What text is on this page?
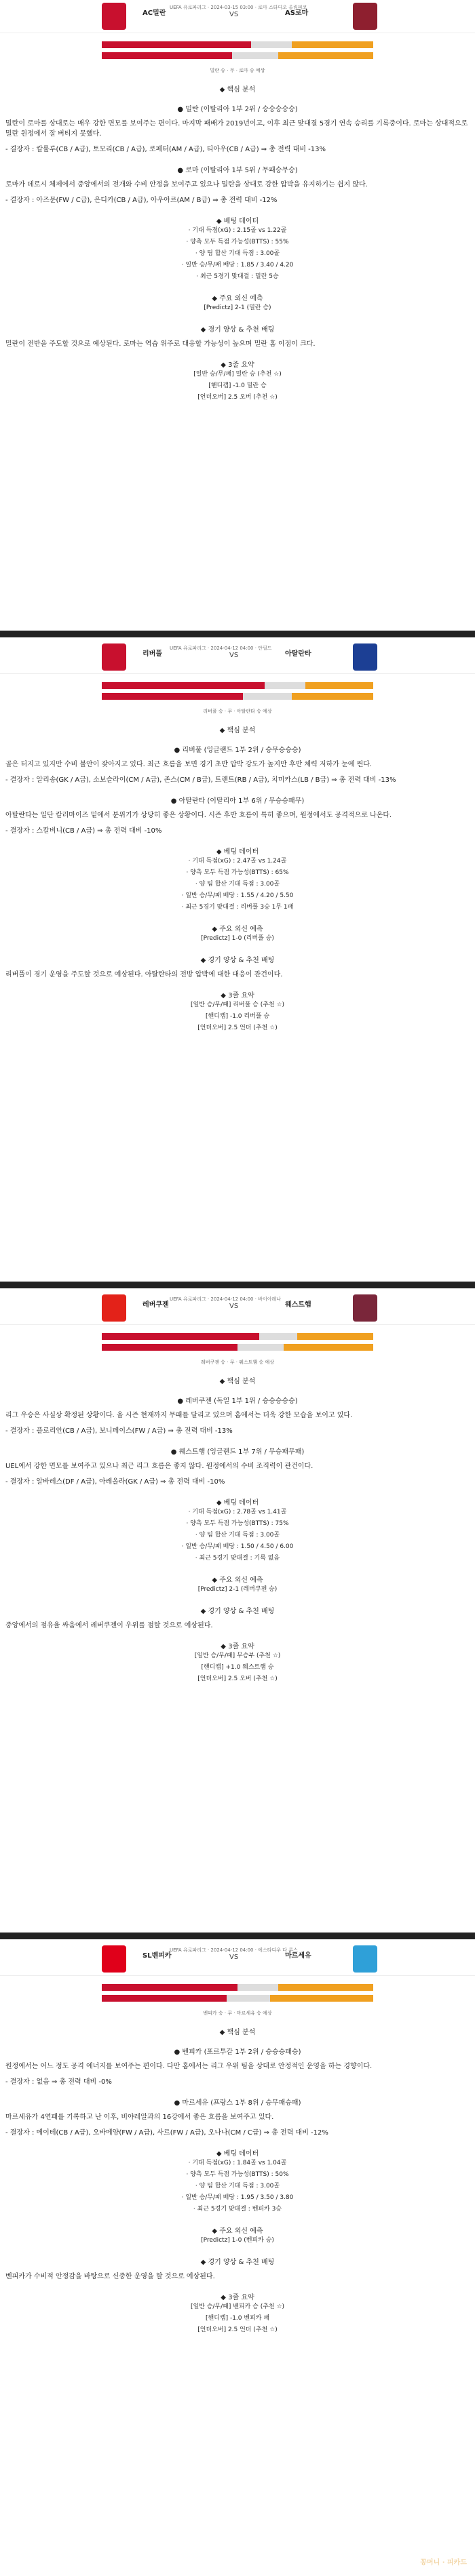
UEFA 유로파리그 · 2024-03-15 03:00 · 로마 스타디오 올림피코
AC밀란	VS	AS로마
밀란 승 · 무 · 로마 승 예상
◆ 핵심 분석
● 밀란 (이탈리아 1부 2위 / 승승승승승)
밀란이 로마를 상대로는 매우 강한 면모를 보여주는 편이다. 마지막 패배가 2019년이고, 이후 최근 맞대결 5경기 연속 승리를 기록중이다. 로마는 상대적으로 밀란 원정에서 잘 버티지 못했다.
- 결장자 : 칼룰루(CB / A급), 토모리(CB / A급), 로페터(AM / A급), 티아우(CB / A급) ⇒ 총 전력 대비 -13%
● 로마 (이탈리아 1부 5위 / 무패승무승)
로마가 데로시 체제에서 중앙에서의 전개와 수비 안정을 보여주고 있으나 밀란을 상대로 강한 압박을 유지하기는 쉽지 않다.
- 결장자 : 아즈문(FW / C급), 은디카(CB / A급), 아우아르(AM / B급) ⇒ 총 전력 대비 -12%
◆ 베팅 데이터
· 기대 득점(xG) : 2.15골 vs 1.22골
· 양측 모두 득점 가능성(BTTS) : 55%
· 양 팀 합산 기대 득점 : 3.00골
· 일반 승/무/패 배당 : 1.85 / 3.40 / 4.20
· 최근 5경기 맞대결 : 밀란 5승
◆ 주요 외신 예측
[Predictz] 2-1 (밀란 승)
◆ 경기 양상 & 추천 배팅
밀란이 전반을 주도할 것으로 예상된다. 로마는 역습 위주로 대응할 가능성이 높으며 밀란 홈 이점이 크다.
◆ 3줄 요약
[일반 승/무/패] 밀란 승 (추천 ☆)
[핸디캡] -1.0 밀란 승
[언더오버] 2.5 오버 (추천 ☆)
UEFA 유로파리그 · 2024-04-12 04:00 · 안필드
리버풀	VS	아탈란타
리버풀 승 · 무 · 아탈란타 승 예상
◆ 핵심 분석
● 리버풀 (잉글랜드 1부 2위 / 승무승승승)
골은 터지고 있지만 수비 불안이 잦아지고 있다. 최근 흐름을 보면 경기 초반 압박 강도가 높지만 후반 체력 저하가 눈에 띈다.
- 결장자 : 알리송(GK / A급), 소보슬라이(CM / A급), 존스(CM / B급), 트렌트(RB / A급), 치미카스(LB / B급) ⇒ 총 전력 대비 -13%
● 아탈란타 (이탈리아 1부 6위 / 무승승패무)
아탈란타는 일단 칼러마이즈 밑에서 분위기가 상당히 좋은 상황이다. 시즌 후반 흐름이 특히 좋으며, 원정에서도 공격적으로 나온다.
- 결장자 : 스칼비니(CB / A급) ⇒ 총 전력 대비 -10%
◆ 베팅 데이터
· 기대 득점(xG) : 2.47골 vs 1.24골
· 양측 모두 득점 가능성(BTTS) : 65%
· 양 팀 합산 기대 득점 : 3.00골
· 일반 승/무/패 배당 : 1.55 / 4.20 / 5.50
· 최근 5경기 맞대결 : 리버풀 3승 1무 1패
◆ 주요 외신 예측
[Predictz] 1-0 (리버풀 승)
◆ 경기 양상 & 추천 배팅
리버풀이 경기 운영을 주도할 것으로 예상된다. 아탈란타의 전방 압박에 대한 대응이 관건이다.
◆ 3줄 요약
[일반 승/무/패] 리버풀 승 (추천 ☆)
[핸디캡] -1.0 리버풀 승
[언더오버] 2.5 언더 (추천 ☆)
UEFA 유로파리그 · 2024-04-12 04:00 · 바이아레나
레버쿠젠	VS	웨스트햄
레버쿠젠 승 · 무 · 웨스트햄 승 예상
◆ 핵심 분석
● 레버쿠젠 (독일 1부 1위 / 승승승승승)
리그 우승은 사실상 확정된 상황이다. 올 시즌 현재까지 무패를 달리고 있으며 홈에서는 더욱 강한 모습을 보이고 있다.
- 결장자 : 플로리안(CB / A급), 보니페이스(FW / A급) ⇒ 총 전력 대비 -13%
● 웨스트햄 (잉글랜드 1부 7위 / 무승패무패)
UEL에서 강한 면모를 보여주고 있으나 최근 리그 흐름은 좋지 않다. 원정에서의 수비 조직력이 관건이다.
- 결장자 : 알바레스(DF / A급), 아레올라(GK / A급) ⇒ 총 전력 대비 -10%
◆ 베팅 데이터
· 기대 득점(xG) : 2.78골 vs 1.41골
· 양측 모두 득점 가능성(BTTS) : 75%
· 양 팀 합산 기대 득점 : 3.00골
· 일반 승/무/패 배당 : 1.50 / 4.50 / 6.00
· 최근 5경기 맞대결 : 기록 없음
◆ 주요 외신 예측
[Predictz] 2-1 (레버쿠젠 승)
◆ 경기 양상 & 추천 배팅
중앙에서의 점유율 싸움에서 레버쿠젠이 우위를 점할 것으로 예상된다.
◆ 3줄 요약
[일반 승/무/패] 무승부 (추천 ☆)
[핸디캡] +1.0 웨스트햄 승
[언더오버] 2.5 오버 (추천 ☆)
UEFA 유로파리그 · 2024-04-12 04:00 · 에스타디우 다 루스
SL벤피카	VS	마르세유
벤피카 승 · 무 · 마르세유 승 예상
◆ 핵심 분석
● 벤피카 (포르투갈 1부 2위 / 승승승패승)
원정에서는 어느 정도 공격 에너지를 보여주는 편이다. 다만 홈에서는 리그 우위 팀을 상대로 안정적인 운영을 하는 경향이다.
- 결장자 : 없음 ⇒ 총 전력 대비 -0%
● 마르세유 (프랑스 1부 8위 / 승무패승패)
마르세유가 4연패를 기록하고 난 이후, 비야레알과의 16강에서 좋은 흐름을 보여주고 있다.
- 결장자 : 메이테(CB / A급), 오바메양(FW / A급), 사르(FW / A급), 오나나(CM / C급) ⇒ 총 전력 대비 -12%
◆ 베팅 데이터
· 기대 득점(xG) : 1.84골 vs 1.04골
· 양측 모두 득점 가능성(BTTS) : 50%
· 양 팀 합산 기대 득점 : 3.00골
· 일반 승/무/패 배당 : 1.95 / 3.50 / 3.80
· 최근 5경기 맞대결 : 벤피카 3승
◆ 주요 외신 예측
[Predictz] 1-0 (벤피카 승)
◆ 경기 양상 & 추천 배팅
벤피카가 수비적 안정감을 바탕으로 신중한 운영을 할 것으로 예상된다.
◆ 3줄 요약
[일반 승/무/패] 벤피카 승 (추천 ☆)
[핸디캡] -1.0 벤피카 패
[언더오버] 2.5 언더 (추천 ☆)
꽁머니 · 피카드
